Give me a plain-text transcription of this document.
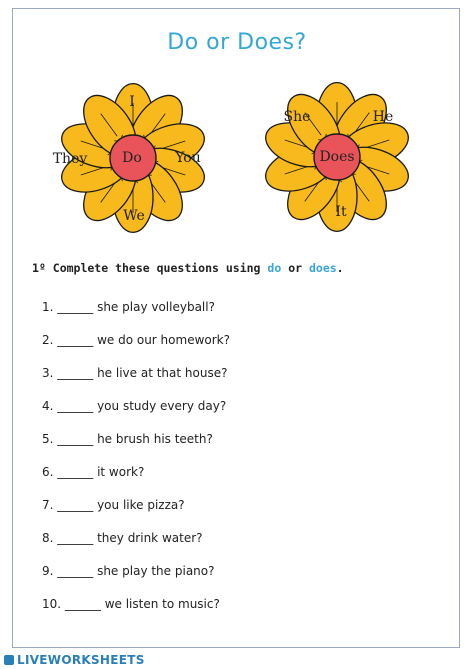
Do or Does?
I
They	You
We
Do
She	He
It
Does
1º Complete these questions using do or does.
1. ______ she play volleyball?
2. ______ we do our homework?
3. ______ he live at that house?
4. ______ you study every day?
5. ______ he brush his teeth?
6. ______ it work?
7. ______ you like pizza?
8. ______ they drink water?
9. ______ she play the piano?
10. ______ we listen to music?
LIVEWORKSHEETS
